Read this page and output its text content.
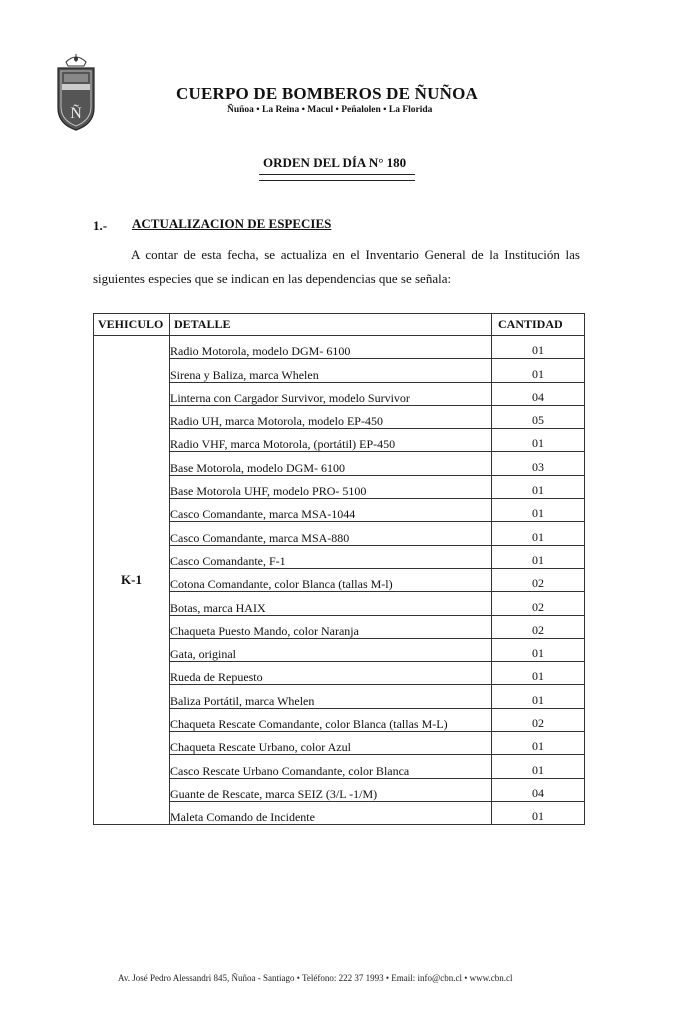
Ñ
CUERPO DE BOMBEROS DE ÑUÑOA
Ñuñoa • La Reina • Macul • Peñalolen • La Florida
ORDEN DEL DÍA N° 180
1.- ACTUALIZACION DE ESPECIES
A contar de esta fecha, se actualiza en el Inventario General de la Institución las siguientes especies que se indican en las dependencias que se señala:
VEHICULO	DETALLE	CANTIDAD
K-1	Radio Motorola, modelo DGM- 6100	01
	Sirena y Baliza, marca Whelen	01
	Linterna con Cargador Survivor, modelo Survivor	04
	Radio UH, marca Motorola, modelo EP-450	05
	Radio VHF, marca Motorola, (portátil) EP-450	01
	Base Motorola, modelo DGM- 6100	03
	Base Motorola UHF, modelo PRO- 5100	01
	Casco Comandante, marca MSA-1044	01
	Casco Comandante, marca MSA-880	01
	Casco Comandante, F-1	01
	Cotona Comandante, color Blanca (tallas M-l)	02
	Botas, marca HAIX	02
	Chaqueta Puesto Mando, color Naranja	02
	Gata, original	01
	Rueda de Repuesto	01
	Baliza Portátil, marca Whelen	01
	Chaqueta Rescate Comandante, color Blanca (tallas M-L)	02
	Chaqueta Rescate Urbano, color Azul	01
	Casco Rescate Urbano Comandante, color Blanca	01
	Guante de Rescate, marca SEIZ (3/L -1/M)	04
	Maleta Comando de Incidente	01
Av. José Pedro Alessandri 845, Ñuñoa - Santiago • Teléfono: 222 37 1993 • Email: info@cbn.cl • www.cbn.cl
